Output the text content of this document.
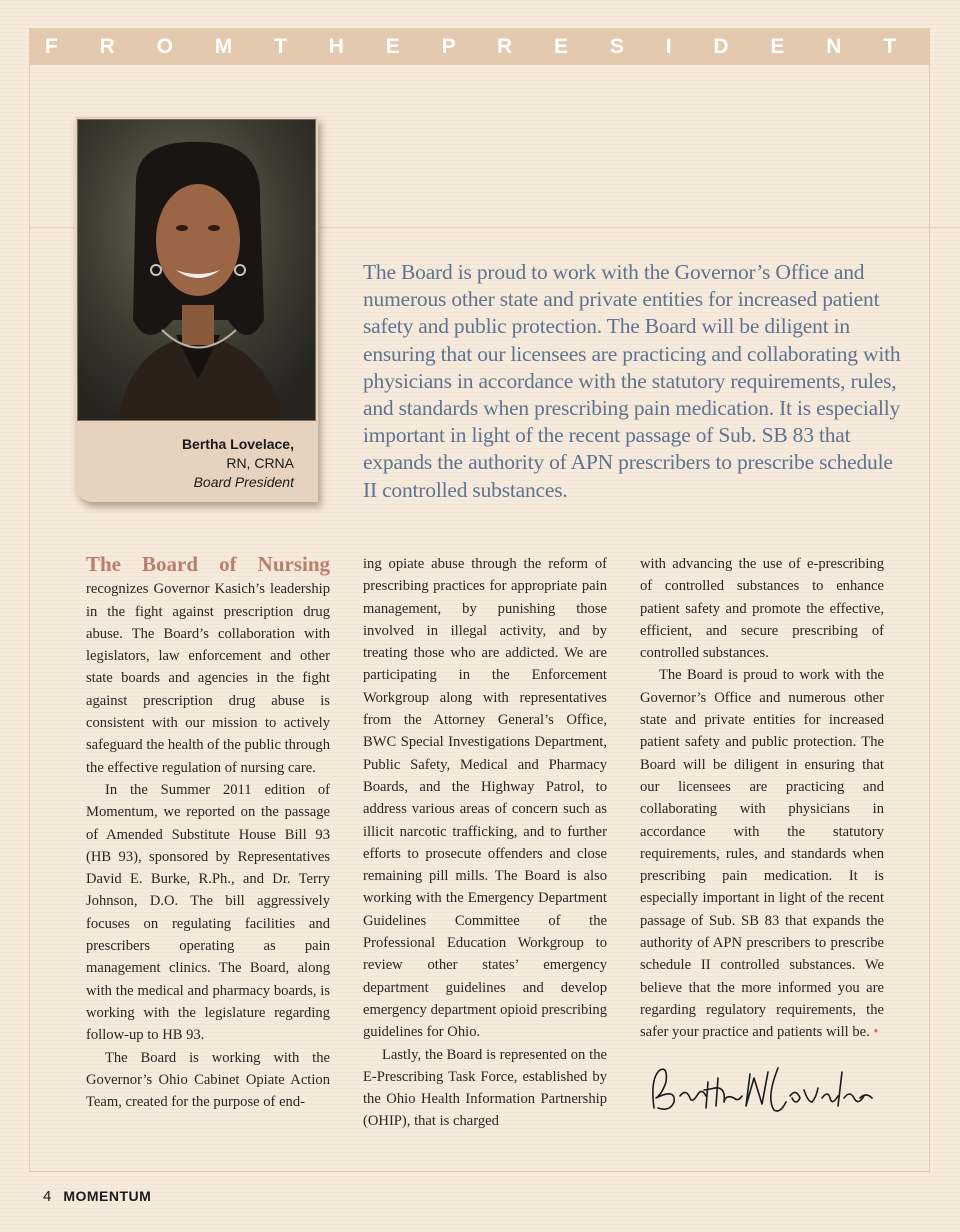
F R O M T H E P R E S I D E N T
Bertha Lovelace,
RN, CRNA
Board President
The Board is proud to work with the Governor’s Office and numerous other state and private entities for increased patient safety and public protection. The Board will be diligent in ensuring that our licensees are practicing and collaborating with physicians in accordance with the statutory requirements, rules, and standards when prescribing pain medication. It is especially important in light of the recent passage of Sub. SB 83 that expands the authority of APN prescribers to prescribe schedule II controlled substances.

The Board of Nursing recognizes Governor Kasich’s leadership in the fight against prescription drug abuse. The Board’s collaboration with legislators, law enforcement and other state boards and agencies in the fight against prescription drug abuse is consistent with our mission to actively safeguard the health of the public through the effective regulation of nursing care.

In the Summer 2011 edition of Momentum, we reported on the passage of Amended Substitute House Bill 93 (HB 93), sponsored by Representatives David E. Burke, R.Ph., and Dr. Terry Johnson, D.O. The bill aggressively focuses on regulating facilities and prescribers operating as pain management clinics. The Board, along with the medical and pharmacy boards, is working with the legislature regarding follow-up to HB 93.

The Board is working with the Governor’s Ohio Cabinet Opiate Action Team, created for the purpose of end-

ing opiate abuse through the reform of prescribing practices for appropriate pain management, by punishing those involved in illegal activity, and by treating those who are addicted. We are participating in the Enforcement Workgroup along with representatives from the Attorney General’s Office, BWC Special Investigations Department, Public Safety, Medical and Pharmacy Boards, and the Highway Patrol, to address various areas of concern such as illicit narcotic trafficking, and to further efforts to prosecute offenders and close remaining pill mills. The Board is also working with the Emergency Department Guidelines Committee of the Professional Education Workgroup to review other states’ emergency department guidelines and develop emergency department opioid prescribing guidelines for Ohio.

Lastly, the Board is represented on the E-Prescribing Task Force, established by the Ohio Health Information Partnership (OHIP), that is charged

with advancing the use of e-prescribing of controlled substances to enhance patient safety and promote the effective, efficient, and secure prescribing of controlled substances.

The Board is proud to work with the Governor’s Office and numerous other state and private entities for increased patient safety and public protection. The Board will be diligent in ensuring that our licensees are practicing and collaborating with physicians in accordance with the statutory requirements, rules, and standards when prescribing pain medication. It is especially important in light of the recent passage of Sub. SB 83 that expands the authority of APN prescribers to prescribe schedule II controlled substances. We believe that the more informed you are regarding regulatory requirements, the safer your practice and patients will be. •

4 MOMENTUM
